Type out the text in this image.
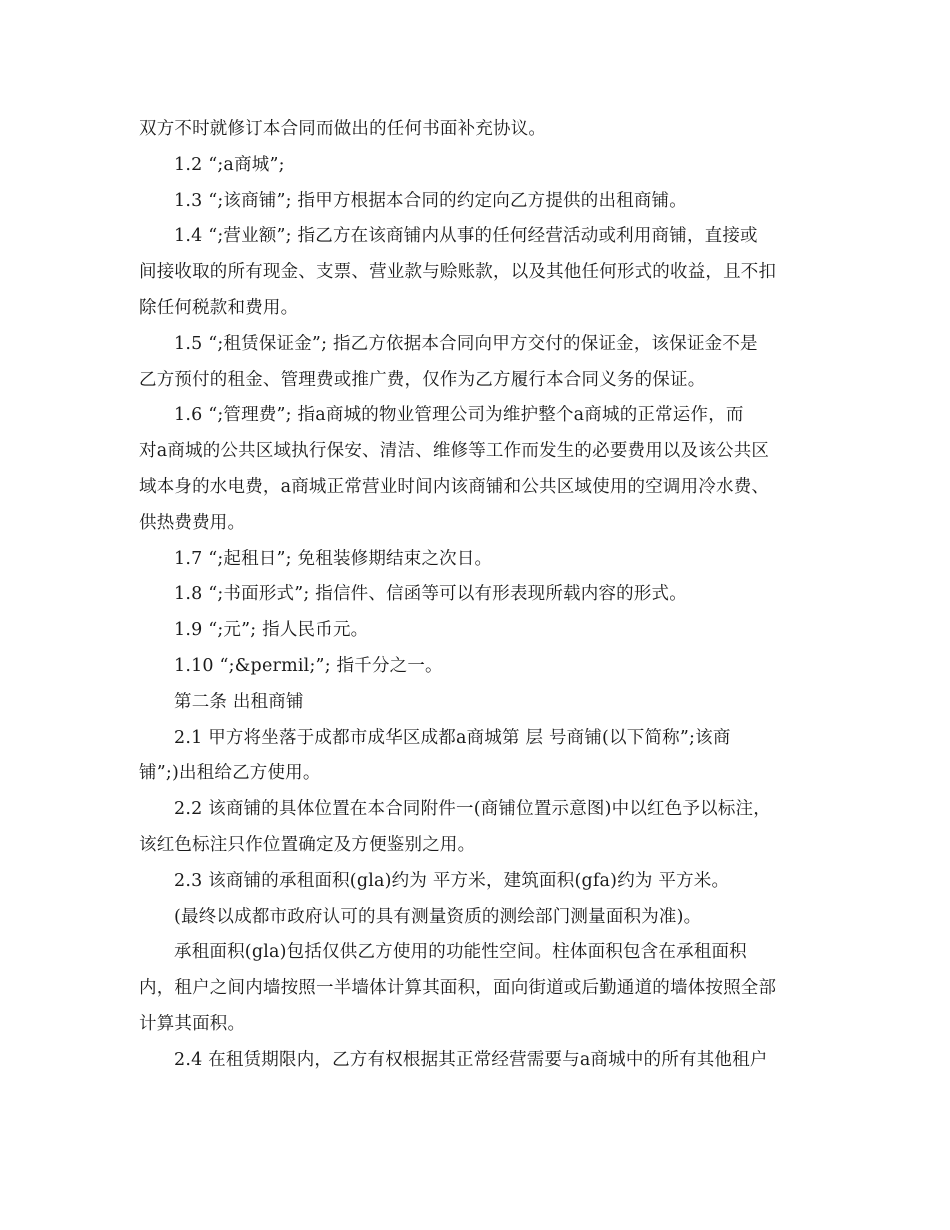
双方不时就修订本合同而做出的任何书面补充协议。
1.2 “;a商城”;
1.3 “;该商铺”; 指甲方根据本合同的约定向乙方提供的出租商铺。
1.4 “;营业额”; 指乙方在该商铺内从事的任何经营活动或利用商铺，直接或
间接收取的所有现金、支票、营业款与赊账款，以及其他任何形式的收益，且不扣
除任何税款和费用。
1.5 “;租赁保证金”; 指乙方依据本合同向甲方交付的保证金，该保证金不是
乙方预付的租金、管理费或推广费，仅作为乙方履行本合同义务的保证。
1.6 “;管理费”; 指a商城的物业管理公司为维护整个a商城的正常运作，而
对a商城的公共区域执行保安、清洁、维修等工作而发生的必要费用以及该公共区
域本身的水电费，a商城正常营业时间内该商铺和公共区域使用的空调用冷水费、
供热费费用。
1.7 “;起租日”; 免租装修期结束之次日。
1.8 “;书面形式”; 指信件、信函等可以有形表现所载内容的形式。
1.9 “;元”; 指人民币元。
1.10 “;&permil;”; 指千分之一。
第二条 出租商铺
2.1 甲方将坐落于成都市成华区成都a商城第 层 号商铺(以下简称”;该商
铺”;)出租给乙方使用。
2.2 该商铺的具体位置在本合同附件一(商铺位置示意图)中以红色予以标注，
该红色标注只作位置确定及方便鉴别之用。
2.3 该商铺的承租面积(gla)约为 平方米，建筑面积(gfa)约为 平方米。
(最终以成都市政府认可的具有测量资质的测绘部门测量面积为准)。
承租面积(gla)包括仅供乙方使用的功能性空间。柱体面积包含在承租面积
内，租户之间内墙按照一半墙体计算其面积，面向街道或后勤通道的墙体按照全部
计算其面积。
2.4 在租赁期限内，乙方有权根据其正常经营需要与a商城中的所有其他租户
